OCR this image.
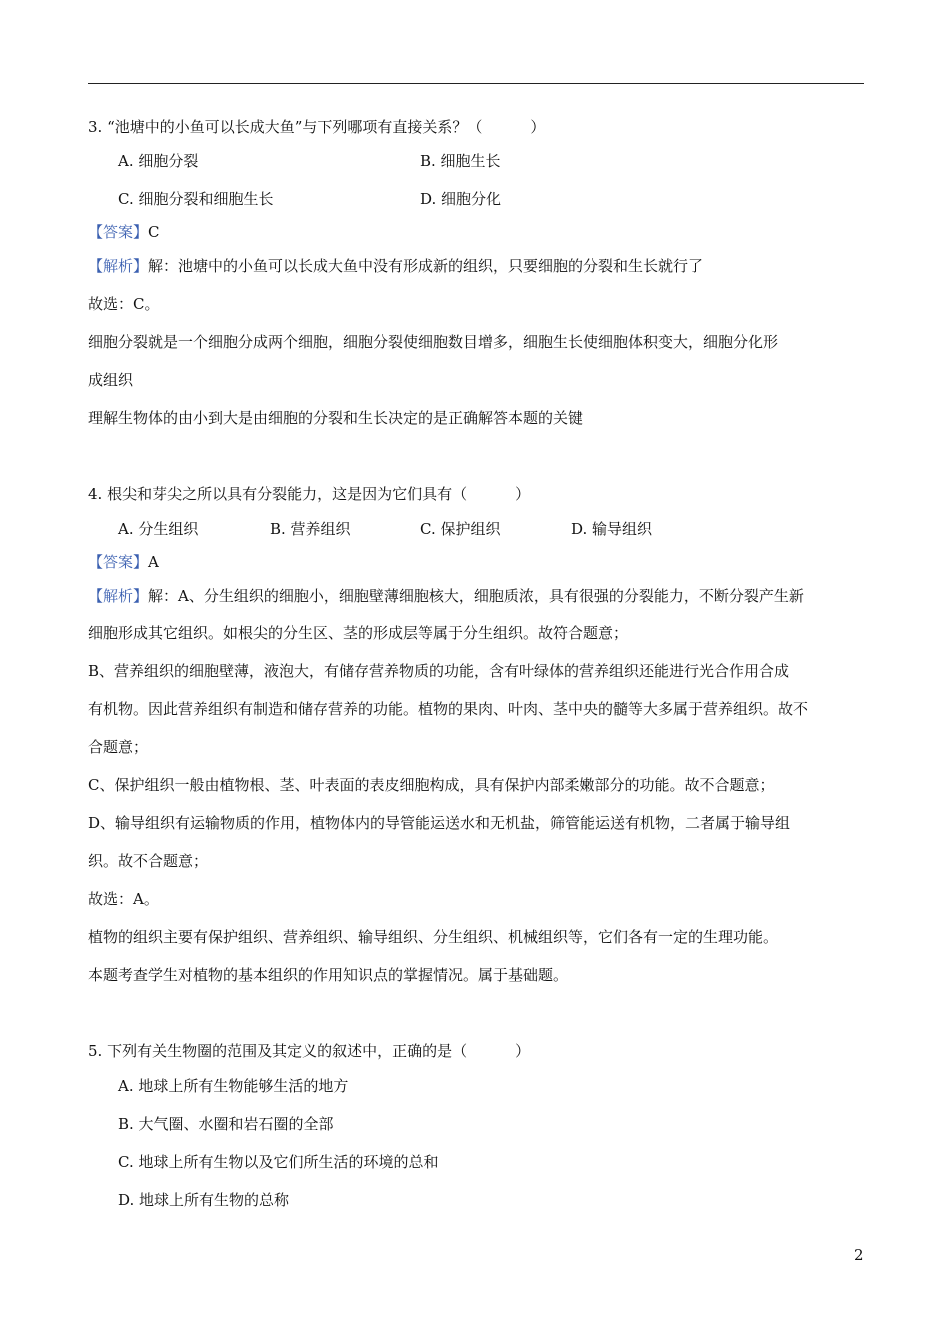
3. “池塘中的小鱼可以长成大鱼”与下列哪项有直接关系？（	）
A. 细胞分裂	B. 细胞生长
C. 细胞分裂和细胞生长	D. 细胞分化
【答案】C
【解析】解：池塘中的小鱼可以长成大鱼中没有形成新的组织，只要细胞的分裂和生长就行了
故选：C。
细胞分裂就是一个细胞分成两个细胞，细胞分裂使细胞数目增多，细胞生长使细胞体积变大，细胞分化形
成组织
理解生物体的由小到大是由细胞的分裂和生长决定的是正确解答本题的关键
4. 根尖和芽尖之所以具有分裂能力，这是因为它们具有（	）
A. 分生组织	B. 营养组织	C. 保护组织	D. 输导组织
【答案】A
【解析】解：A、分生组织的细胞小，细胞壁薄细胞核大，细胞质浓，具有很强的分裂能力，不断分裂产生新
细胞形成其它组织。如根尖的分生区、茎的形成层等属于分生组织。故符合题意；
B、营养组织的细胞壁薄，液泡大，有储存营养物质的功能，含有叶绿体的营养组织还能进行光合作用合成
有机物。因此营养组织有制造和储存营养的功能。植物的果肉、叶肉、茎中央的髓等大多属于营养组织。故不
合题意；
C、保护组织一般由植物根、茎、叶表面的表皮细胞构成，具有保护内部柔嫩部分的功能。故不合题意；
D、输导组织有运输物质的作用，植物体内的导管能运送水和无机盐，筛管能运送有机物，二者属于输导组
织。故不合题意；
故选：A。
植物的组织主要有保护组织、营养组织、输导组织、分生组织、机械组织等，它们各有一定的生理功能。
本题考查学生对植物的基本组织的作用知识点的掌握情况。属于基础题。
5. 下列有关生物圈的范围及其定义的叙述中，正确的是（	）
A. 地球上所有生物能够生活的地方
B. 大气圈、水圈和岩石圈的全部
C. 地球上所有生物以及它们所生活的环境的总和
D. 地球上所有生物的总称
2
